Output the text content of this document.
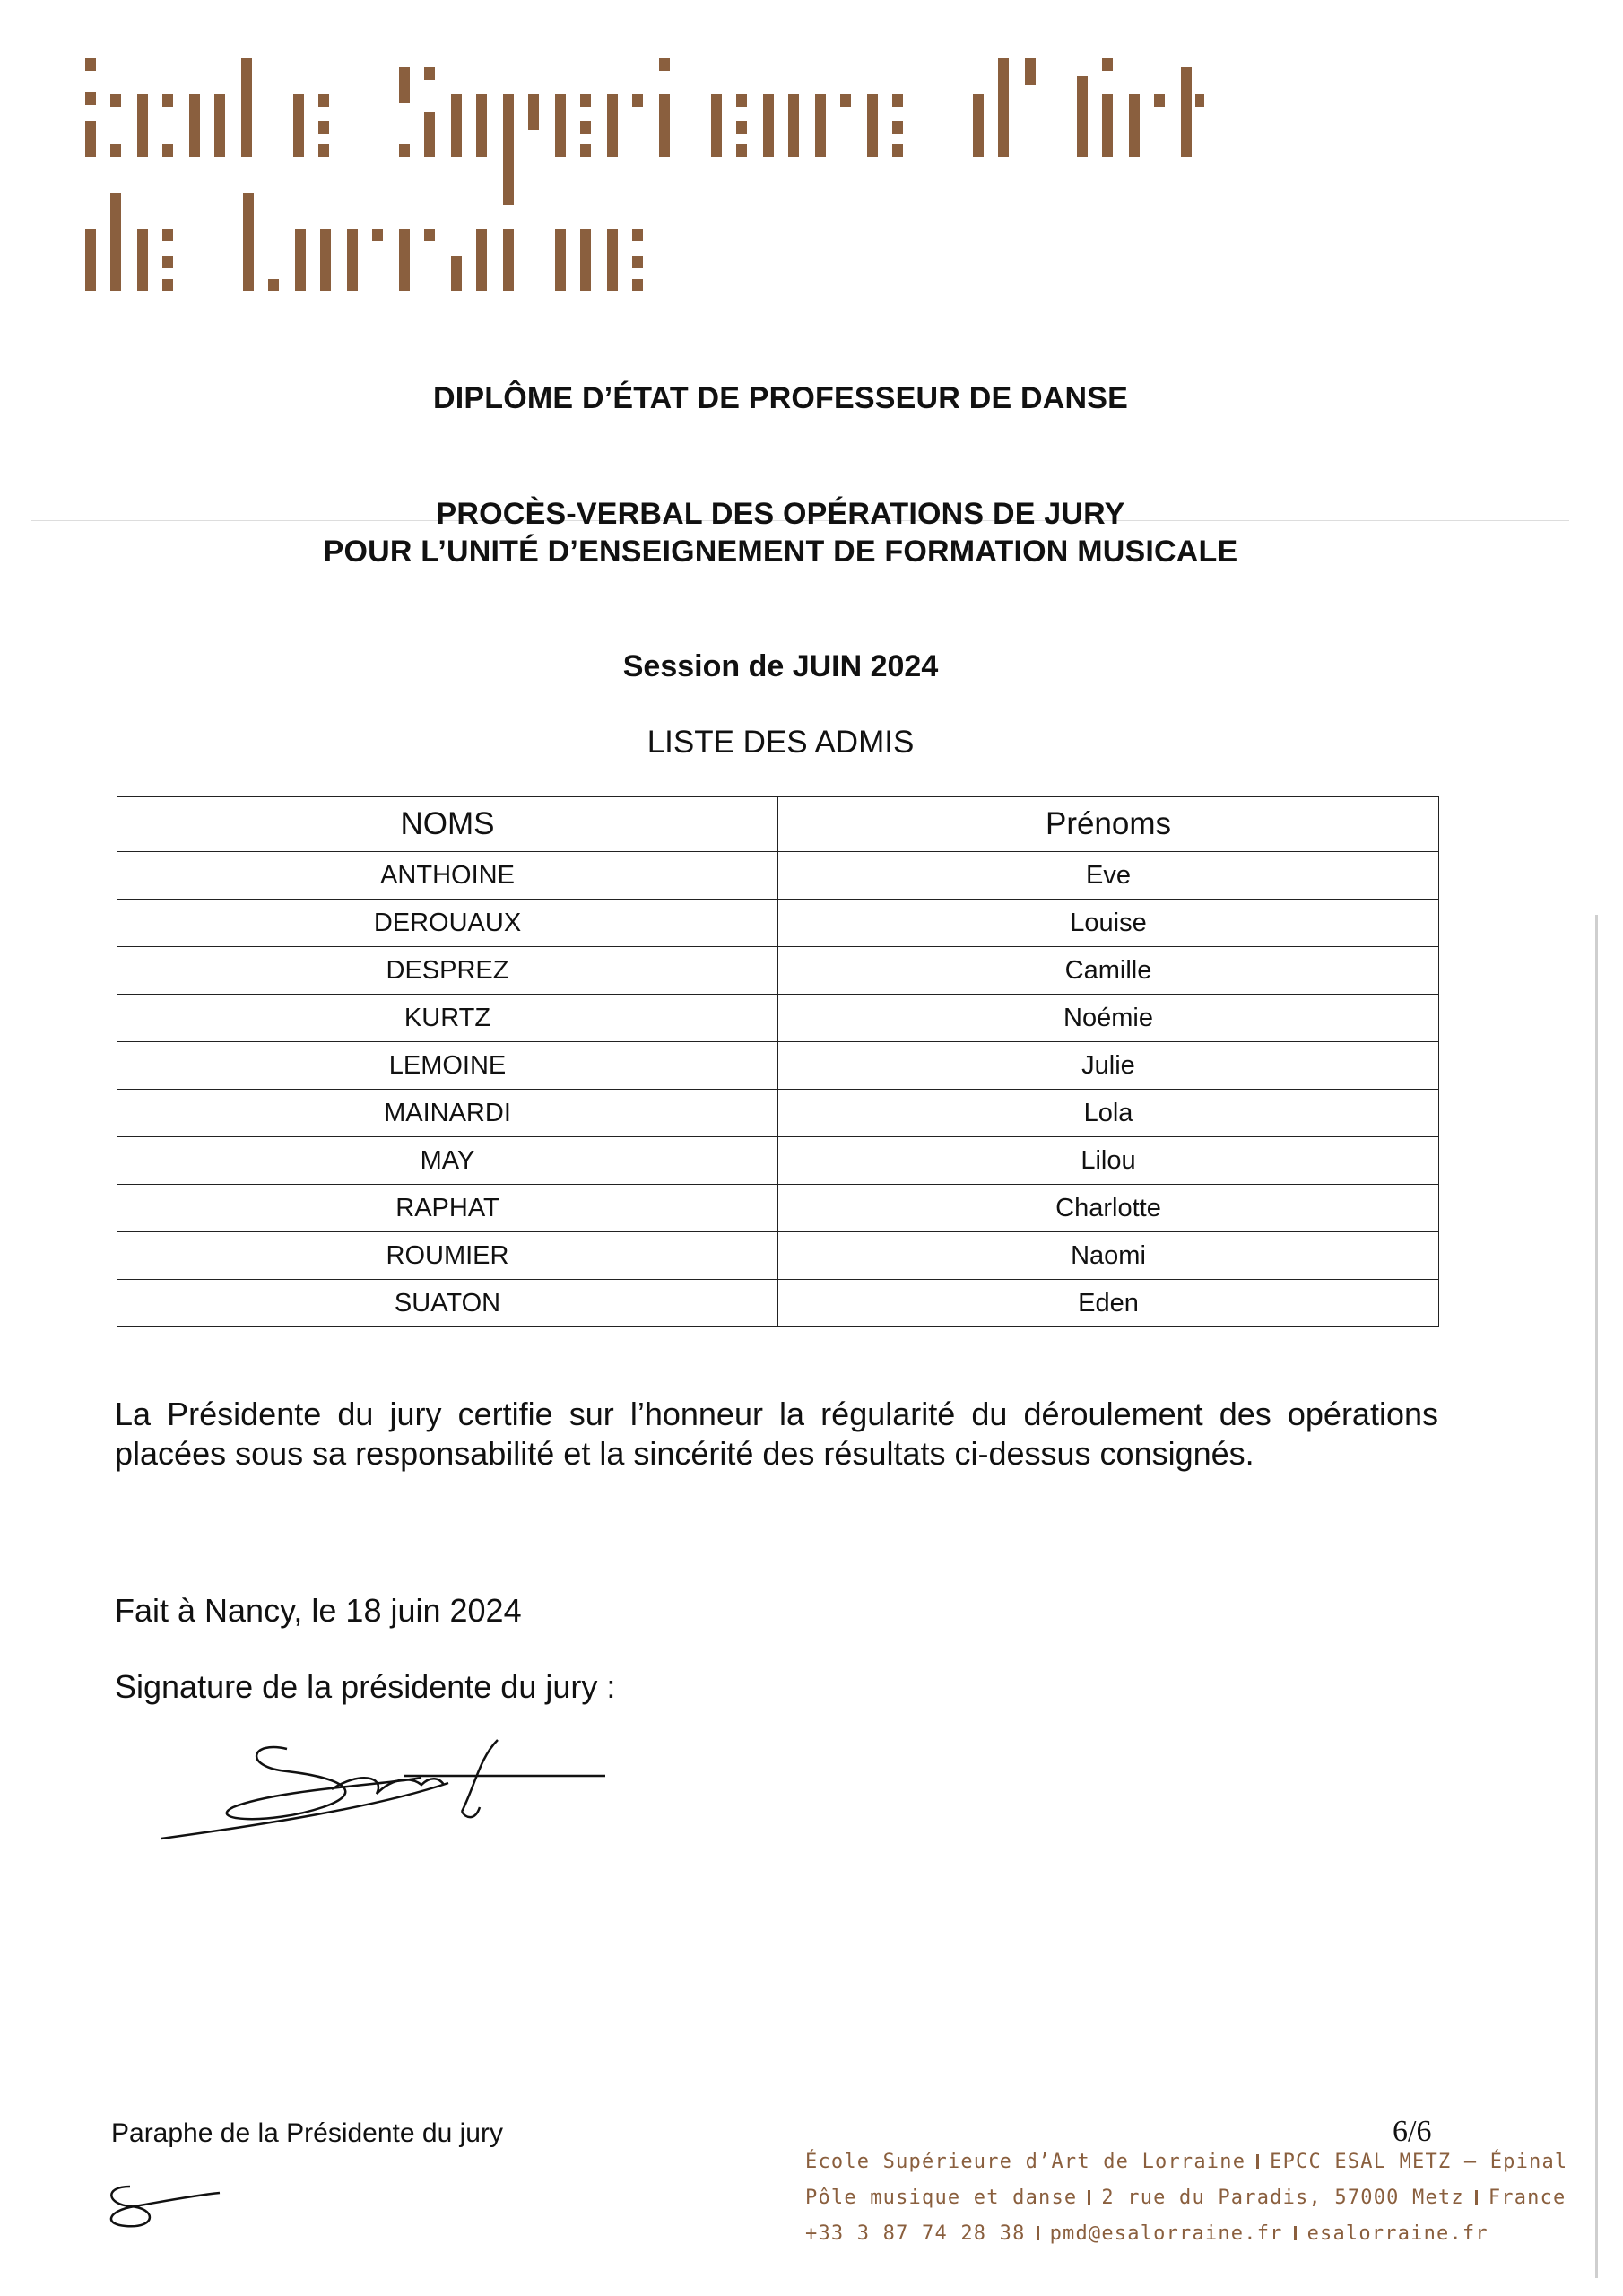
DIPLÔME D’ÉTAT DE PROFESSEUR DE DANSE
PROCÈS-VERBAL DES OPÉRATIONS DE JURY
POUR L’UNITÉ D’ENSEIGNEMENT DE FORMATION MUSICALE
Session de JUIN 2024
LISTE DES ADMIS
NOMS	Prénoms
ANTHOINE	Eve
DEROUAUX	Louise
DESPREZ	Camille
KURTZ	Noémie
LEMOINE	Julie
MAINARDI	Lola
MAY	Lilou
RAPHAT	Charlotte
ROUMIER	Naomi
SUATON	Eden
La Présidente du jury certifie sur l’honneur la régularité du déroulement des opérations placées sous sa responsabilité et la sincérité des résultats ci-dessus consignés.
Fait à Nancy, le 18 juin 2024
Signature de la présidente du jury :
Paraphe de la Présidente du jury	6/6
École Supérieure d’Art de Lorraine EPCC ESAL METZ – Épinal
Pôle musique et danse 2 rue du Paradis, 57000 Metz France
+33 3 87 74 28 38 pmd@esalorraine.fr esalorraine.fr
